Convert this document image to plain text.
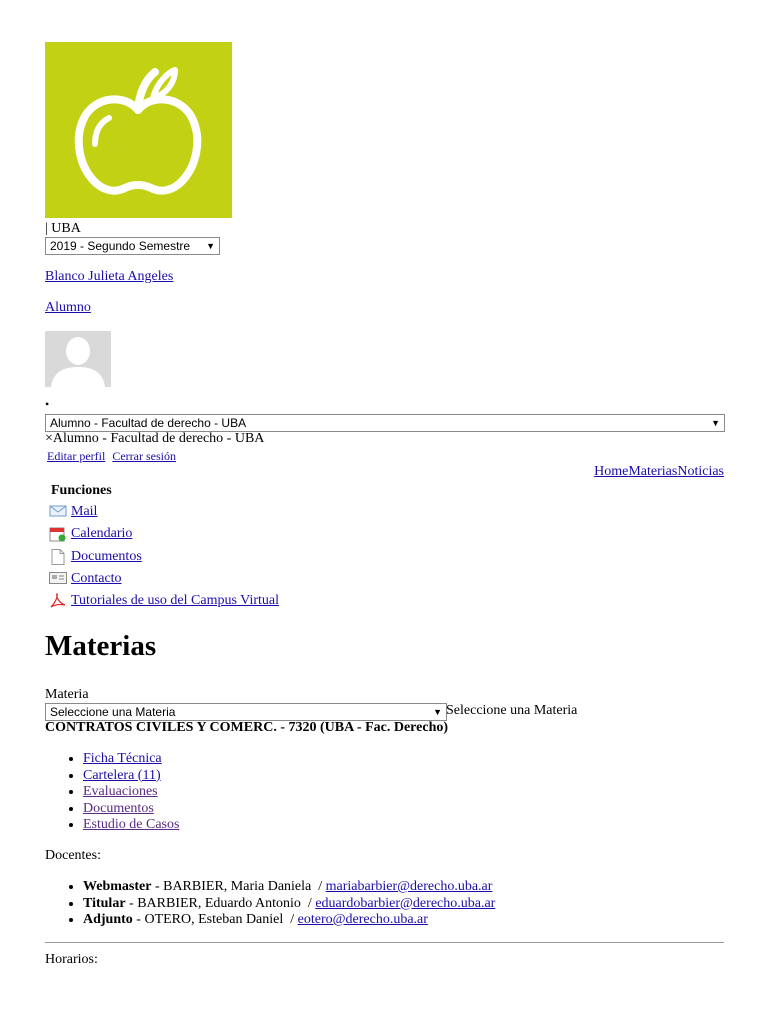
| UBA
2019 - Segundo Semestre ▼
Blanco Julieta Angeles
Alumno
•
Alumno - Facultad de derecho - UBA	▼
×Alumno - Facultad de derecho - UBA
Editar perfil Cerrar sesión
HomeMateriasNoticias
Funciones
Mail
Calendario
Documentos
Contacto
Tutoriales de uso del Campus Virtual
Materias
Materia
Seleccione una Materia	▼ Seleccione una Materia
CONTRATOS CIVILES Y COMERC. - 7320 (UBA - Fac. Derecho)
• Ficha Técnica
• Cartelera (11)
• Evaluaciones
• Documentos
• Estudio de Casos
Docentes:
• Webmaster - BARBIER, Maria Daniela  / mariabarbier@derecho.uba.ar
• Titular - BARBIER, Eduardo Antonio  / eduardobarbier@derecho.uba.ar
• Adjunto - OTERO, Esteban Daniel  / eotero@derecho.uba.ar
Horarios:
